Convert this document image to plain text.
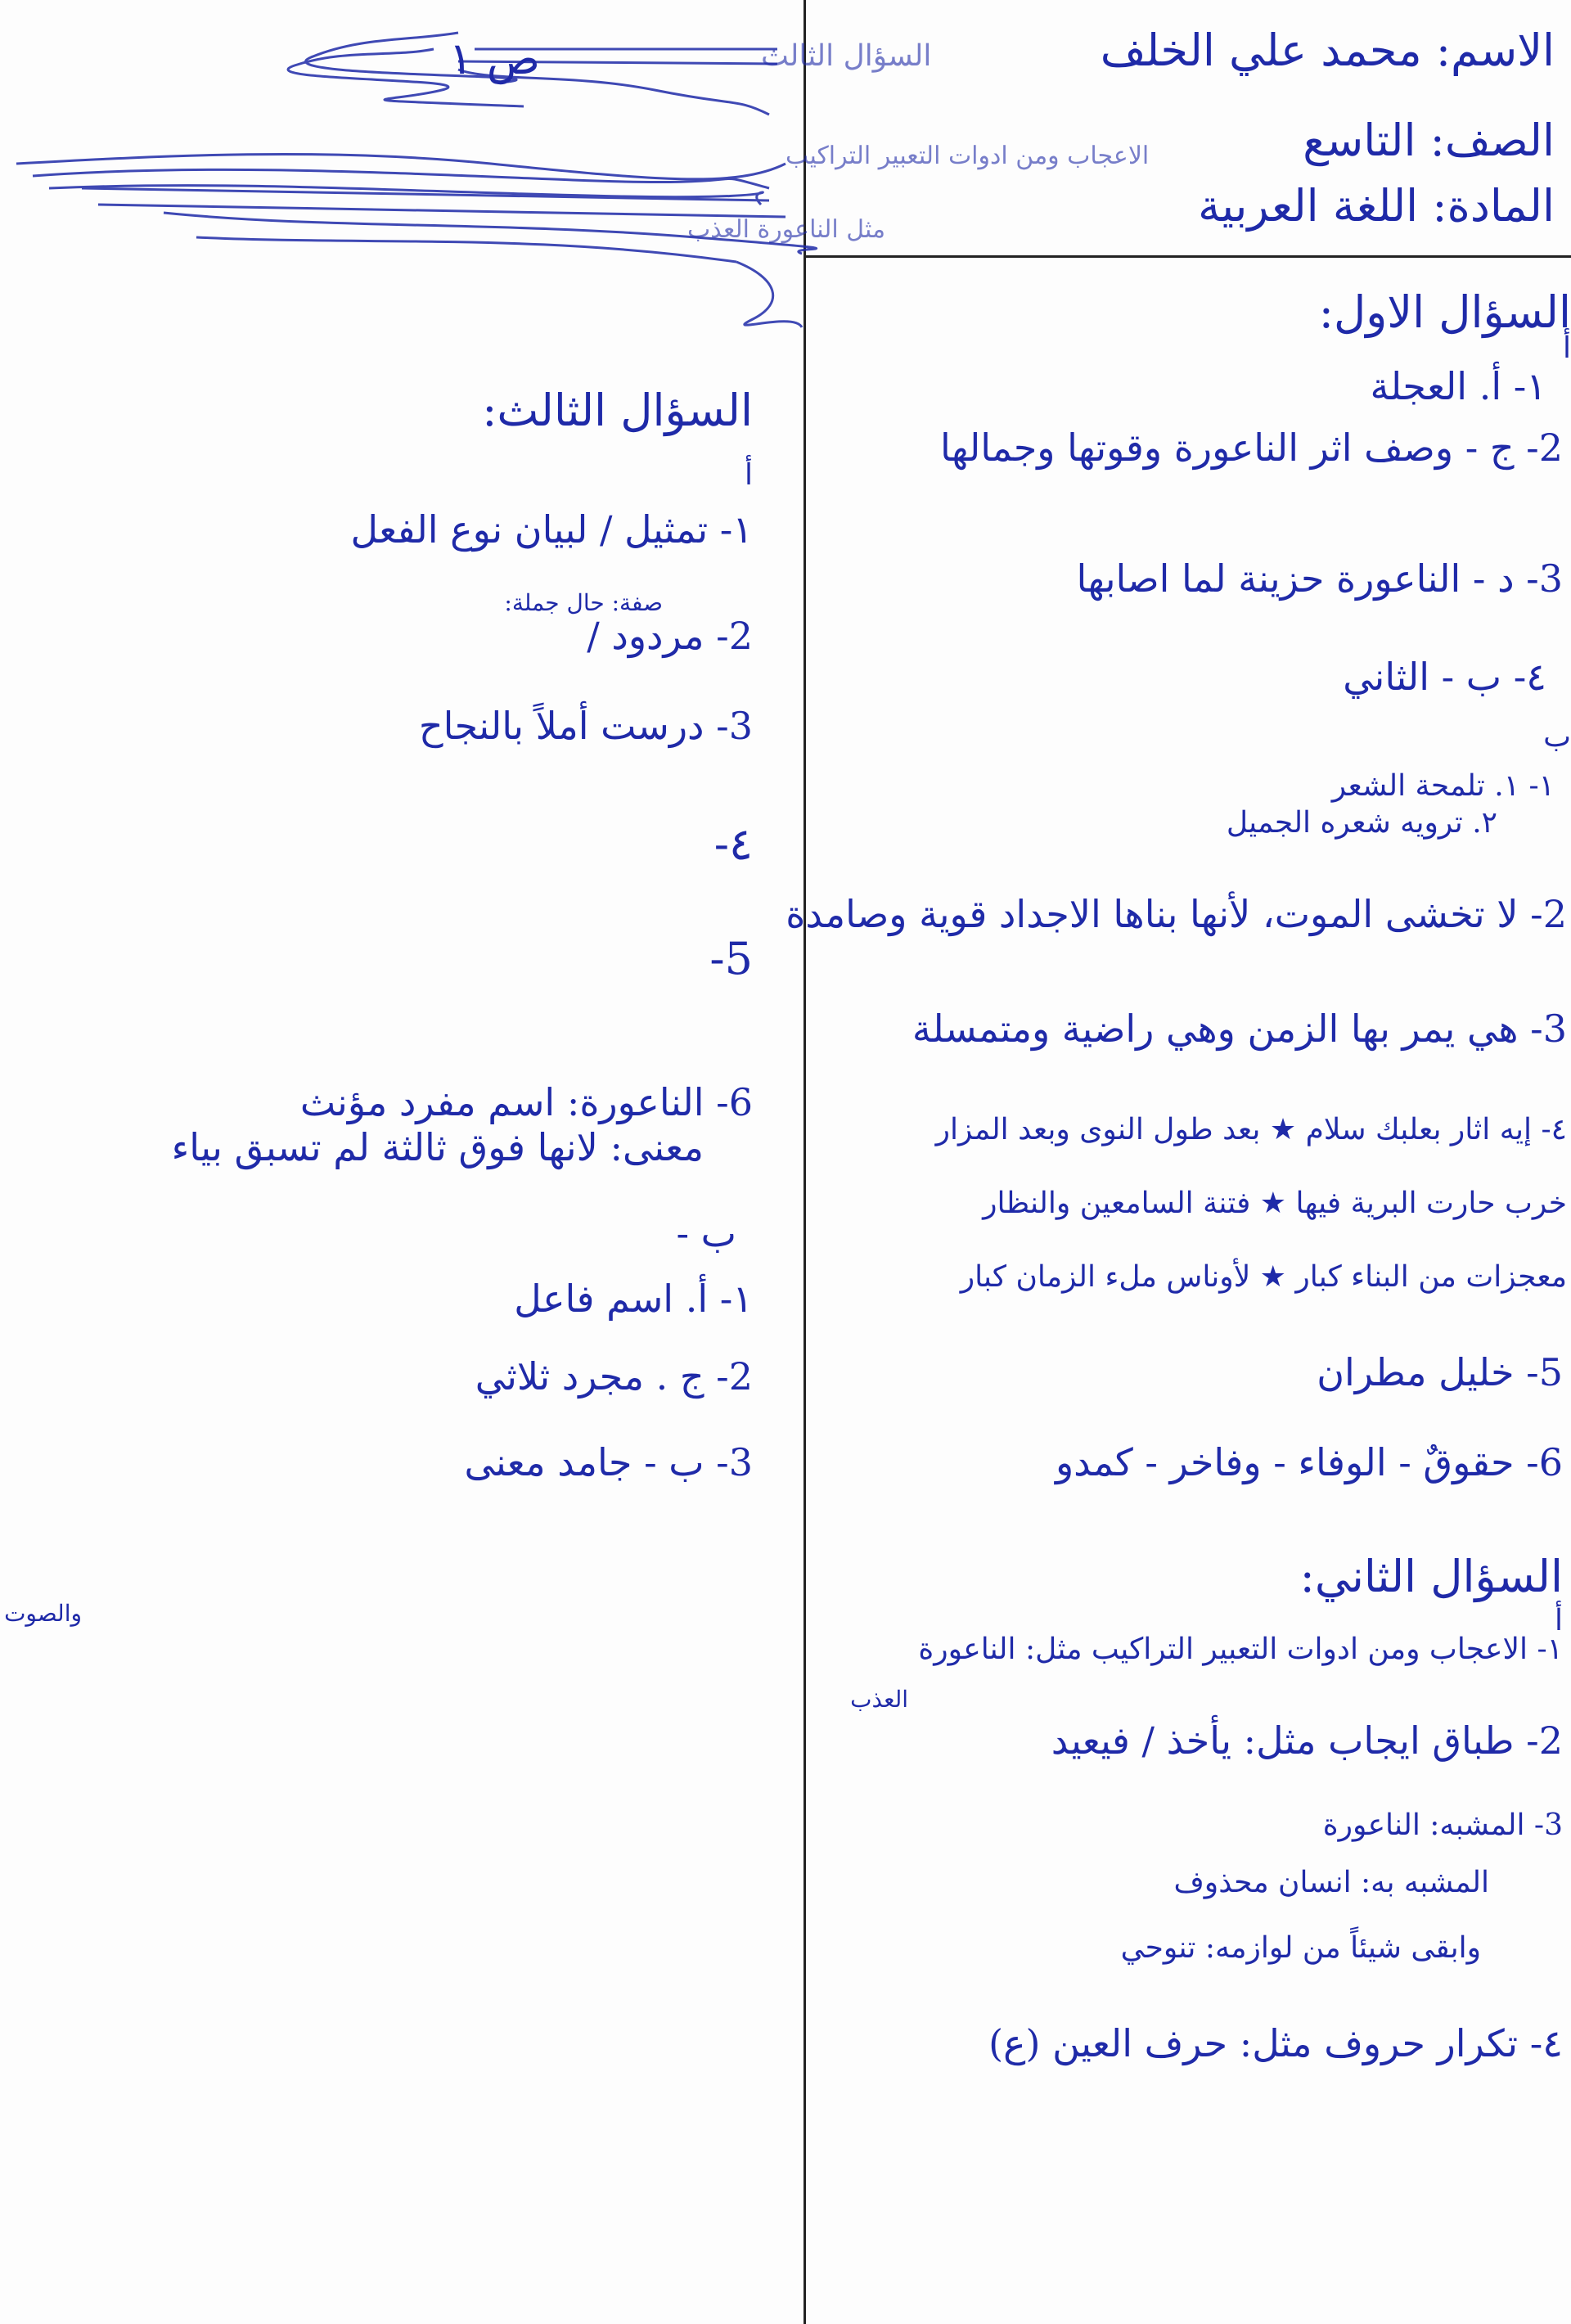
السؤال الثالث
الاعجاب ومن ادوات التعبير التراكيب
مثل الناعورة العذب
الاسم: محمد علي الخلف
ص ١
الصف: التاسع
المادة: اللغة العربية
السؤال الاول:
أ
١- أ. العجلة
2- ج - وصف اثر الناعورة وقوتها وجمالها
3- د - الناعورة حزينة لما اصابها
٤- ب - الثاني
ب
١- ١. تلمحة الشعر
٢. ترويه شعره الجميل
2- لا تخشى الموت، لأنها بناها الاجداد قوية وصامدة
3- هي يمر بها الزمن وهي راضية ومتمسلة
٤- إيه اثار بعلبك سلام ★ بعد طول النوى وبعد المزار
خرب حارت البرية فيها ★ فتنة السامعين والنظار
معجزات من البناء كبار ★ لأوناس ملء الزمان كبار
5- خليل مطران
6- حقوقٌ - الوفاء - وفاخر - كمدو
السؤال الثاني:
أ
والصوت
١- الاعجاب ومن ادوات التعبير التراكيب مثل: الناعورة
العذب
2- طباق ايجاب مثل: يأخذ / فيعيد
3- المشبه: الناعورة
المشبه به: انسان محذوف
وابقى شيئاً من لوازمه: تنوحي
٤- تكرار حروف مثل: حرف العين (ع)
السؤال الثالث:
أ
١- تمثيل / لبيان نوع الفعل
صفة: حال جملة:
2- مردود /
3- درست أملاً بالنجاح
٤-
5-
6- الناعورة: اسم مفرد مؤنث
معنى: لانها فوق ثالثة لم تسبق بياء
ب -
١- أ. اسم فاعل
2- ج . مجرد ثلاثي
3- ب - جامد معنى
